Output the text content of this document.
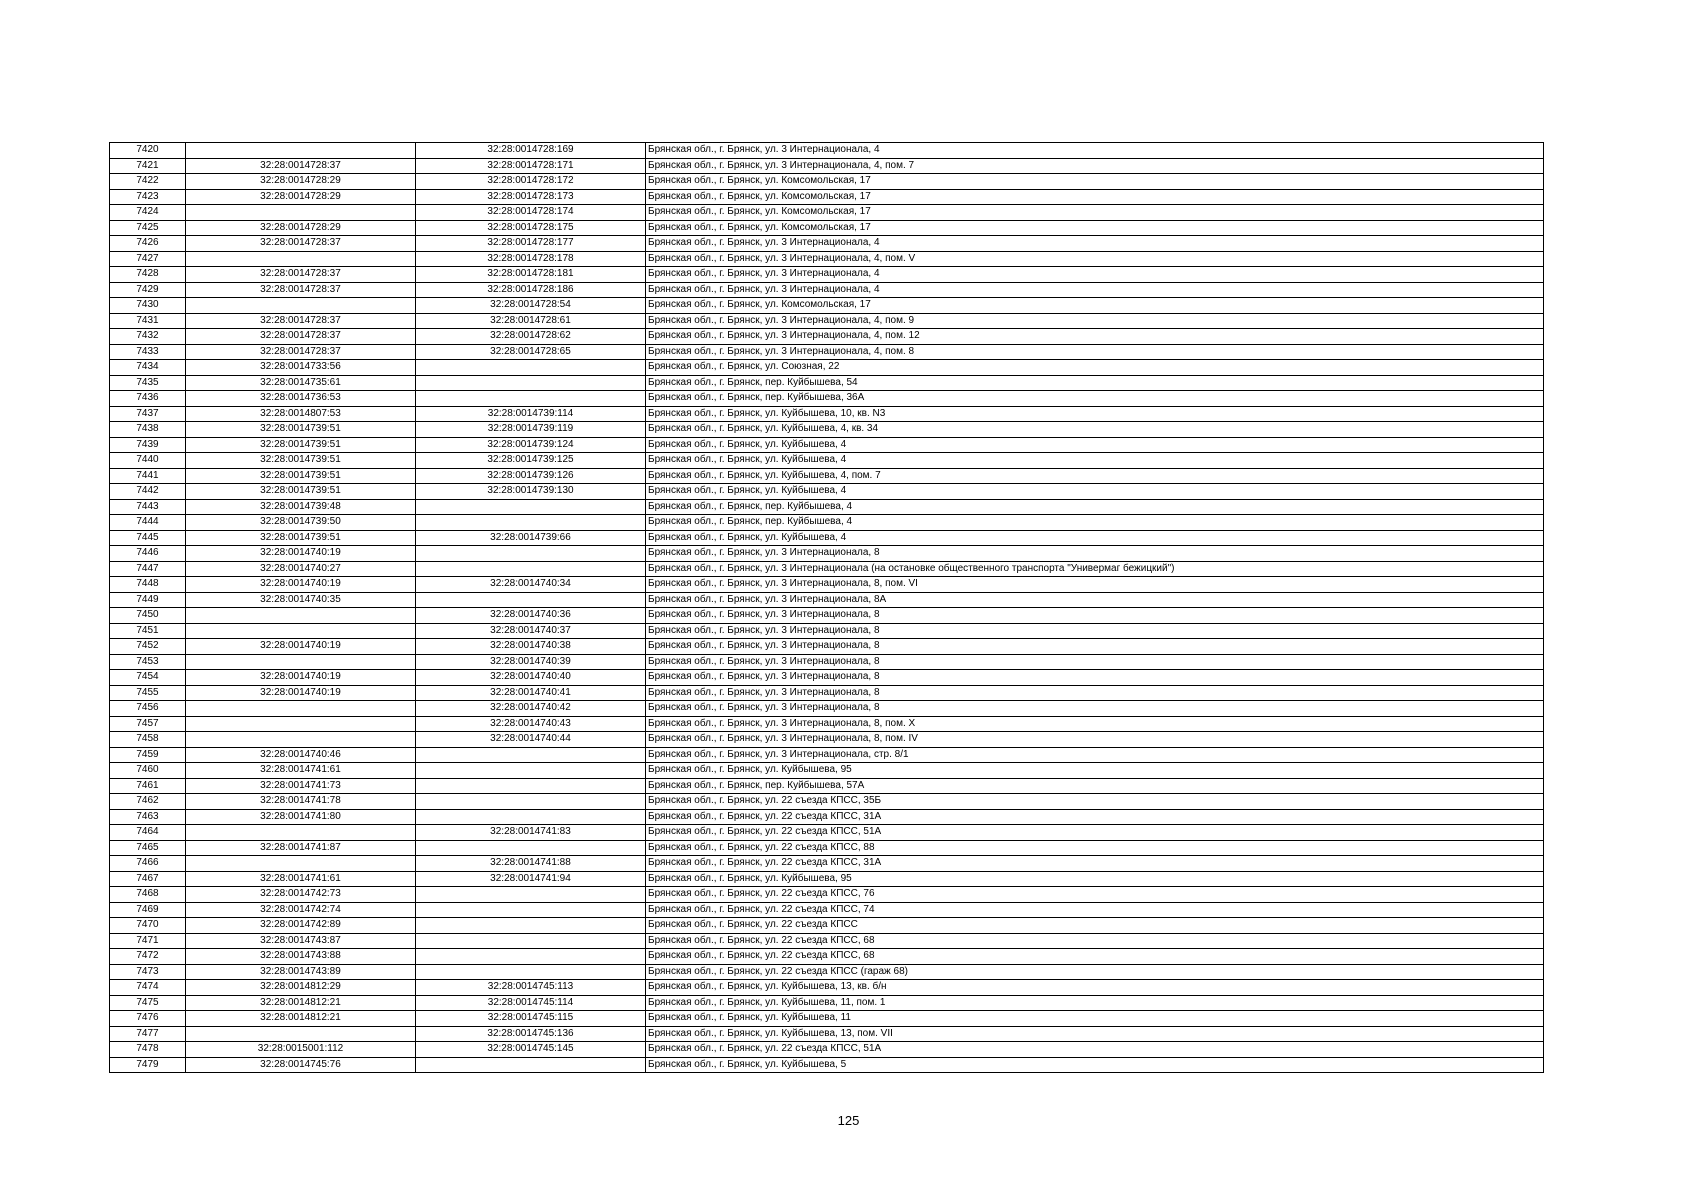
7420		32:28:0014728:169	Брянская обл., г. Брянск, ул. 3 Интернационала, 4
7421	32:28:0014728:37	32:28:0014728:171	Брянская обл., г. Брянск, ул. 3 Интернационала, 4, пом. 7
7422	32:28:0014728:29	32:28:0014728:172	Брянская обл., г. Брянск, ул. Комсомольская, 17
7423	32:28:0014728:29	32:28:0014728:173	Брянская обл., г. Брянск, ул. Комсомольская, 17
7424		32:28:0014728:174	Брянская обл., г. Брянск, ул. Комсомольская, 17
7425	32:28:0014728:29	32:28:0014728:175	Брянская обл., г. Брянск, ул. Комсомольская, 17
7426	32:28:0014728:37	32:28:0014728:177	Брянская обл., г. Брянск, ул. 3 Интернационала, 4
7427		32:28:0014728:178	Брянская обл., г. Брянск, ул. 3 Интернационала, 4, пом. V
7428	32:28:0014728:37	32:28:0014728:181	Брянская обл., г. Брянск, ул. 3 Интернационала, 4
7429	32:28:0014728:37	32:28:0014728:186	Брянская обл., г. Брянск, ул. 3 Интернационала, 4
7430		32:28:0014728:54	Брянская обл., г. Брянск, ул. Комсомольская, 17
7431	32:28:0014728:37	32:28:0014728:61	Брянская обл., г. Брянск, ул. 3 Интернационала, 4, пом. 9
7432	32:28:0014728:37	32:28:0014728:62	Брянская обл., г. Брянск, ул. 3 Интернационала, 4, пом. 12
7433	32:28:0014728:37	32:28:0014728:65	Брянская обл., г. Брянск, ул. 3 Интернационала, 4, пом. 8
7434	32:28:0014733:56		Брянская обл., г. Брянск, ул. Союзная, 22
7435	32:28:0014735:61		Брянская обл., г. Брянск, пер. Куйбышева, 54
7436	32:28:0014736:53		Брянская обл., г. Брянск, пер. Куйбышева, 36А
7437	32:28:0014807:53	32:28:0014739:114	Брянская обл., г. Брянск, ул. Куйбышева, 10, кв. N3
7438	32:28:0014739:51	32:28:0014739:119	Брянская обл., г. Брянск, ул. Куйбышева, 4, кв. 34
7439	32:28:0014739:51	32:28:0014739:124	Брянская обл., г. Брянск, ул. Куйбышева, 4
7440	32:28:0014739:51	32:28:0014739:125	Брянская обл., г. Брянск, ул. Куйбышева, 4
7441	32:28:0014739:51	32:28:0014739:126	Брянская обл., г. Брянск, ул. Куйбышева, 4, пом. 7
7442	32:28:0014739:51	32:28:0014739:130	Брянская обл., г. Брянск, ул. Куйбышева, 4
7443	32:28:0014739:48		Брянская обл., г. Брянск, пер. Куйбышева, 4
7444	32:28:0014739:50		Брянская обл., г. Брянск, пер. Куйбышева, 4
7445	32:28:0014739:51	32:28:0014739:66	Брянская обл., г. Брянск, ул. Куйбышева, 4
7446	32:28:0014740:19		Брянская обл., г. Брянск, ул. 3 Интернационала, 8
7447	32:28:0014740:27		Брянская обл., г. Брянск, ул. 3 Интернационала (на остановке общественного транспорта "Универмаг бежицкий")
7448	32:28:0014740:19	32:28:0014740:34	Брянская обл., г. Брянск, ул. 3 Интернационала, 8, пом. VI
7449	32:28:0014740:35		Брянская обл., г. Брянск, ул. 3 Интернационала, 8А
7450		32:28:0014740:36	Брянская обл., г. Брянск, ул. 3 Интернационала, 8
7451		32:28:0014740:37	Брянская обл., г. Брянск, ул. 3 Интернационала, 8
7452	32:28:0014740:19	32:28:0014740:38	Брянская обл., г. Брянск, ул. 3 Интернационала, 8
7453		32:28:0014740:39	Брянская обл., г. Брянск, ул. 3 Интернационала, 8
7454	32:28:0014740:19	32:28:0014740:40	Брянская обл., г. Брянск, ул. 3 Интернационала, 8
7455	32:28:0014740:19	32:28:0014740:41	Брянская обл., г. Брянск, ул. 3 Интернационала, 8
7456		32:28:0014740:42	Брянская обл., г. Брянск, ул. 3 Интернационала, 8
7457		32:28:0014740:43	Брянская обл., г. Брянск, ул. 3 Интернационала, 8, пом. X
7458		32:28:0014740:44	Брянская обл., г. Брянск, ул. 3 Интернационала, 8, пом. IV
7459	32:28:0014740:46		Брянская обл., г. Брянск, ул. 3 Интернационала, стр. 8/1
7460	32:28:0014741:61		Брянская обл., г. Брянск, ул. Куйбышева, 95
7461	32:28:0014741:73		Брянская обл., г. Брянск, пер. Куйбышева, 57А
7462	32:28:0014741:78		Брянская обл., г. Брянск, ул. 22 съезда КПСС, 35Б
7463	32:28:0014741:80		Брянская обл., г. Брянск, ул. 22 съезда КПСС, 31А
7464		32:28:0014741:83	Брянская обл., г. Брянск, ул. 22 съезда КПСС, 51А
7465	32:28:0014741:87		Брянская обл., г. Брянск, ул. 22 съезда КПСС, 88
7466		32:28:0014741:88	Брянская обл., г. Брянск, ул. 22 съезда КПСС, 31А
7467	32:28:0014741:61	32:28:0014741:94	Брянская обл., г. Брянск, ул. Куйбышева, 95
7468	32:28:0014742:73		Брянская обл., г. Брянск, ул. 22 съезда КПСС, 76
7469	32:28:0014742:74		Брянская обл., г. Брянск, ул. 22 съезда КПСС, 74
7470	32:28:0014742:89		Брянская обл., г. Брянск, ул. 22 съезда КПСС
7471	32:28:0014743:87		Брянская обл., г. Брянск, ул. 22 съезда КПСС, 68
7472	32:28:0014743:88		Брянская обл., г. Брянск, ул. 22 съезда КПСС, 68
7473	32:28:0014743:89		Брянская обл., г. Брянск, ул. 22 съезда КПСС (гараж 68)
7474	32:28:0014812:29	32:28:0014745:113	Брянская обл., г. Брянск, ул. Куйбышева, 13, кв. б/н
7475	32:28:0014812:21	32:28:0014745:114	Брянская обл., г. Брянск, ул. Куйбышева, 11, пом. 1
7476	32:28:0014812:21	32:28:0014745:115	Брянская обл., г. Брянск, ул. Куйбышева, 11
7477		32:28:0014745:136	Брянская обл., г. Брянск, ул. Куйбышева, 13, пом. VII
7478	32:28:0015001:112	32:28:0014745:145	Брянская обл., г. Брянск, ул. 22 съезда КПСС, 51А
7479	32:28:0014745:76		Брянская обл., г. Брянск, ул. Куйбышева, 5
125
